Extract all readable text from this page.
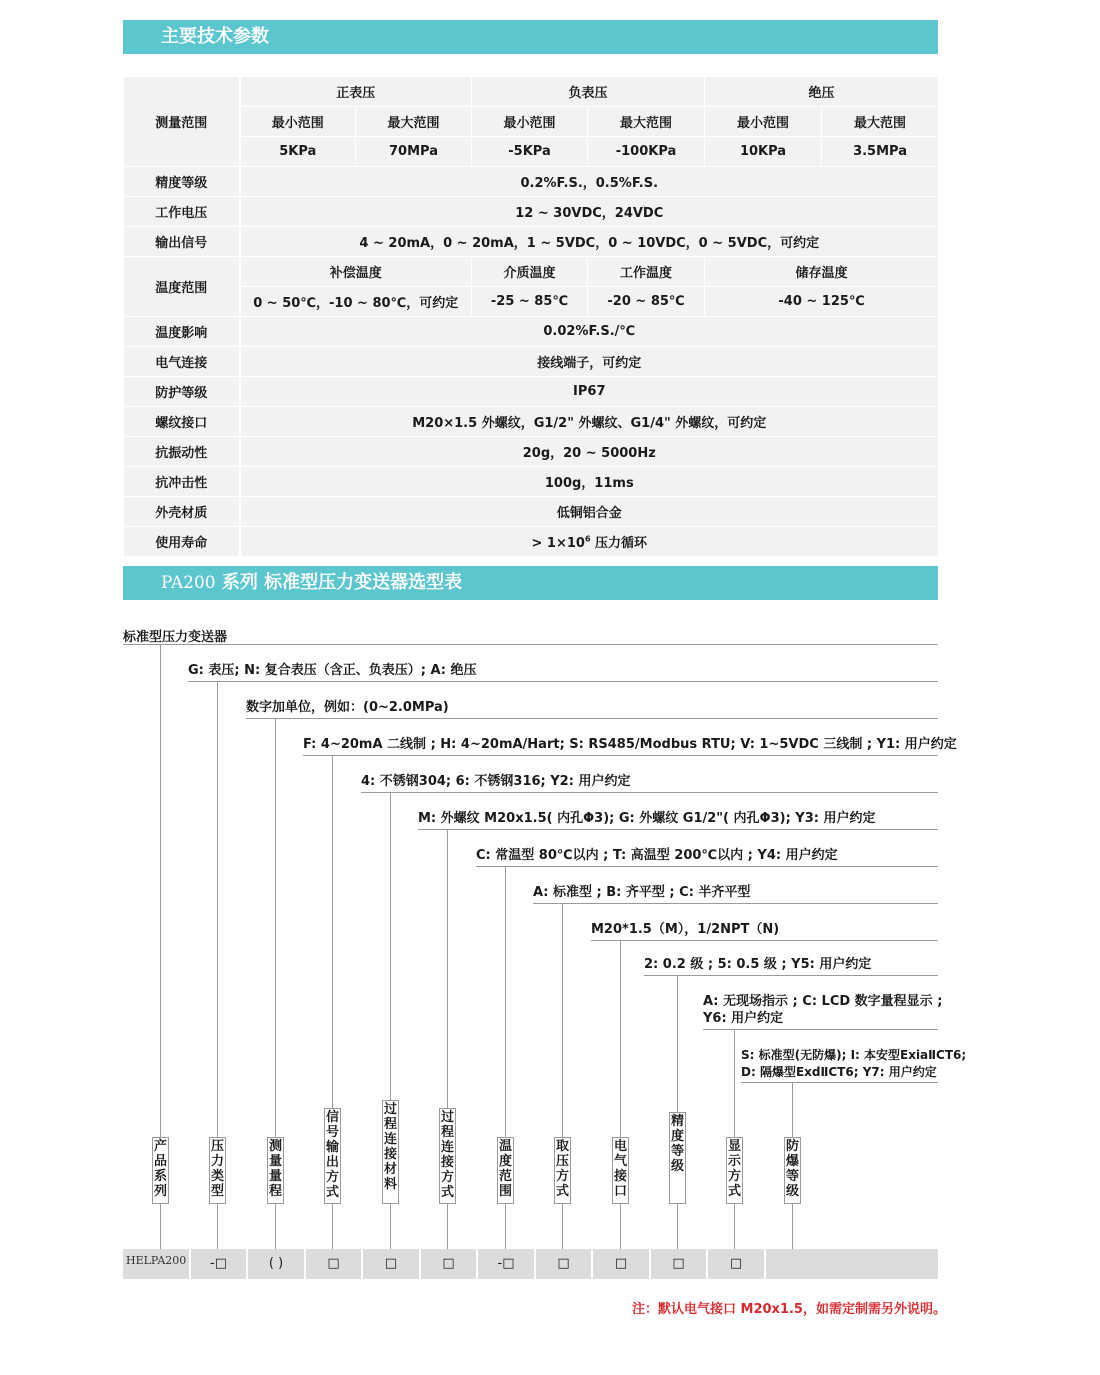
主要技术参数
测量范围	正表压		负表压		绝压	
	最小范围	最大范围	最小范围	最大范围	最小范围	最大范围
	5KPa	70MPa	-5KPa	-100KPa	10KPa	3.5MPa
精度等级	0.2%F.S.，0.5%F.S.					
工作电压	12 ~ 30VDC，24VDC					
输出信号	4 ~ 20mA，0 ~ 20mA，1 ~ 5VDC，0 ~ 10VDC，0 ~ 5VDC，可约定					
温度范围	补偿温度		介质温度	工作温度	储存温度	
	0 ~ 50℃，-10 ~ 80℃，可约定		-25 ~ 85℃	-20 ~ 85℃	-40 ~ 125℃	
温度影响	0.02%F.S./℃					
电气连接	接线端子，可约定					
防护等级	IP67					
螺纹接口	M20×1.5 外螺纹，G1/2" 外螺纹、G1/4" 外螺纹，可约定					
抗振动性	20g，20 ~ 5000Hz					
抗冲击性	100g，11ms					
外壳材质	低铜铝合金					
使用寿命	> $1\times 10^6$ 压力循环					
PA200 系列 标准型压力变送器选型表
标准型压力变送器
G: 表压; N: 复合表压（含正、负表压）; A: 绝压
数字加单位，例如：(0~2.0MPa)
F: 4~20mA 二线制 ; H: 4~20mA/Hart; S: RS485/Modbus RTU; V: 1~5VDC 三线制 ; Y1: 用户约定
4: 不锈钢304; 6: 不锈钢316; Y2: 用户约定
M: 外螺纹 M20x1.5( 内孔Φ3); G: 外螺纹 G1/2"( 内孔Φ3); Y3: 用户约定
C: 常温型 80℃以内 ; T: 高温型 200℃以内 ; Y4: 用户约定
A: 标准型 ; B: 齐平型 ; C: 半齐平型
M20*1.5（M），1/2NPT（N)
2: 0.2 级 ; 5: 0.5 级 ; Y5: 用户约定
A: 无现场指示 ; C: LCD 数字量程显示 ;
Y6: 用户约定
S: 标准型(无防爆); I: 本安型ExiaⅡCT6;
D: 隔爆型ExdⅡCT6; Y7: 用户约定
产品系列
压力类型
测量量程
信号输出方式
过程连接材料
过程连接方式
温度范围
取压方式
电气接口
精度等级
显示方式
防爆等级
HELPA200	-□	( )	□	□	□	-□	□	□	□	□
注：默认电气接口 M20x1.5，如需定制需另外说明。
